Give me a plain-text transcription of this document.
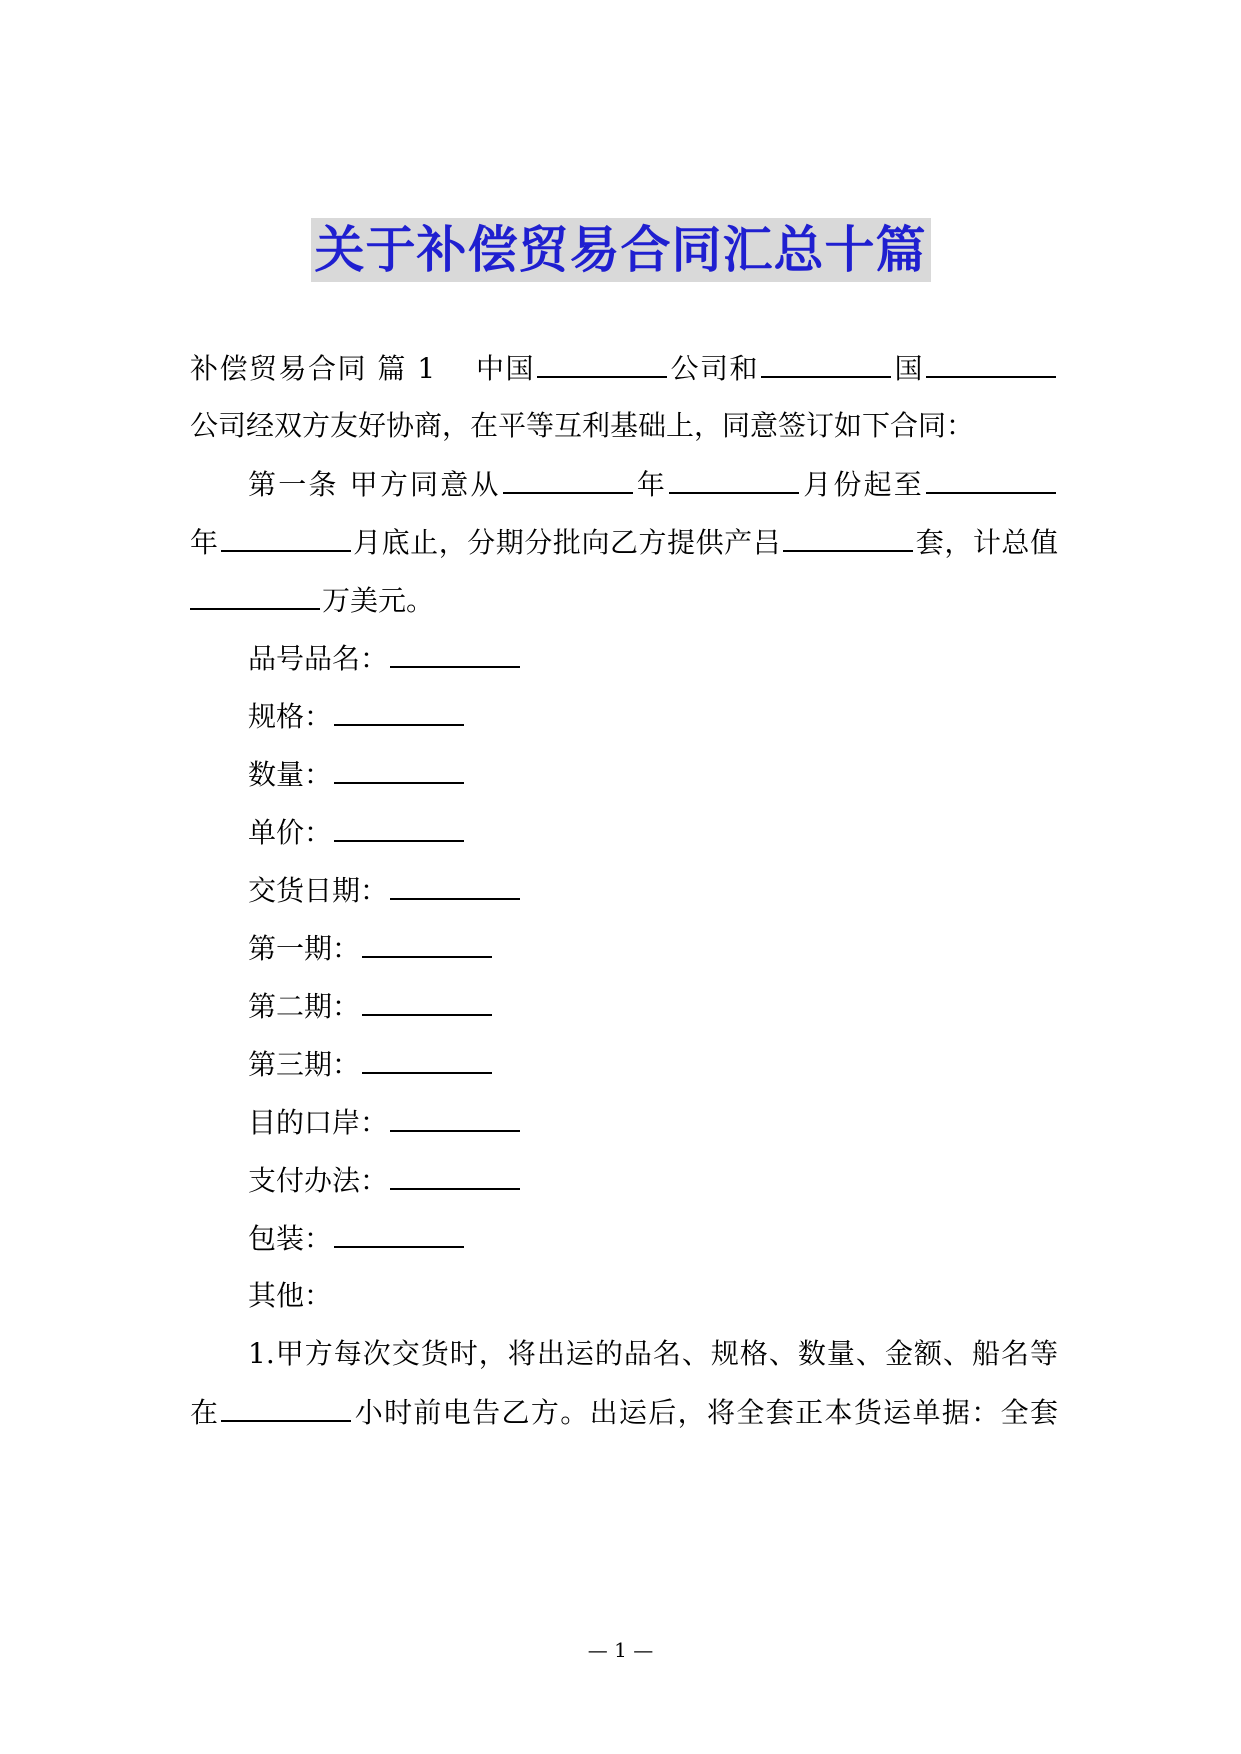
关于补偿贸易合同汇总十篇
补偿贸易合同 篇 1 中国	公司和	国
公司经双方友好协商，在平等互利基础上，同意签订如下合同：
第一条 甲方同意从	年	月份起至
年	月底止，分期分批向乙方提供产吕	套，计总值
万美元。
品号品名：
规格：
数量：
单价：
交货日期：
第一期：
第二期：
第三期：
目的口岸：
支付办法：
包装：
其他：
1.甲方每次交货时，将出运的品名、规格、数量、金额、船名等
在	小时前电告乙方。出运后，将全套正本货运单据：全套
— 1 —
